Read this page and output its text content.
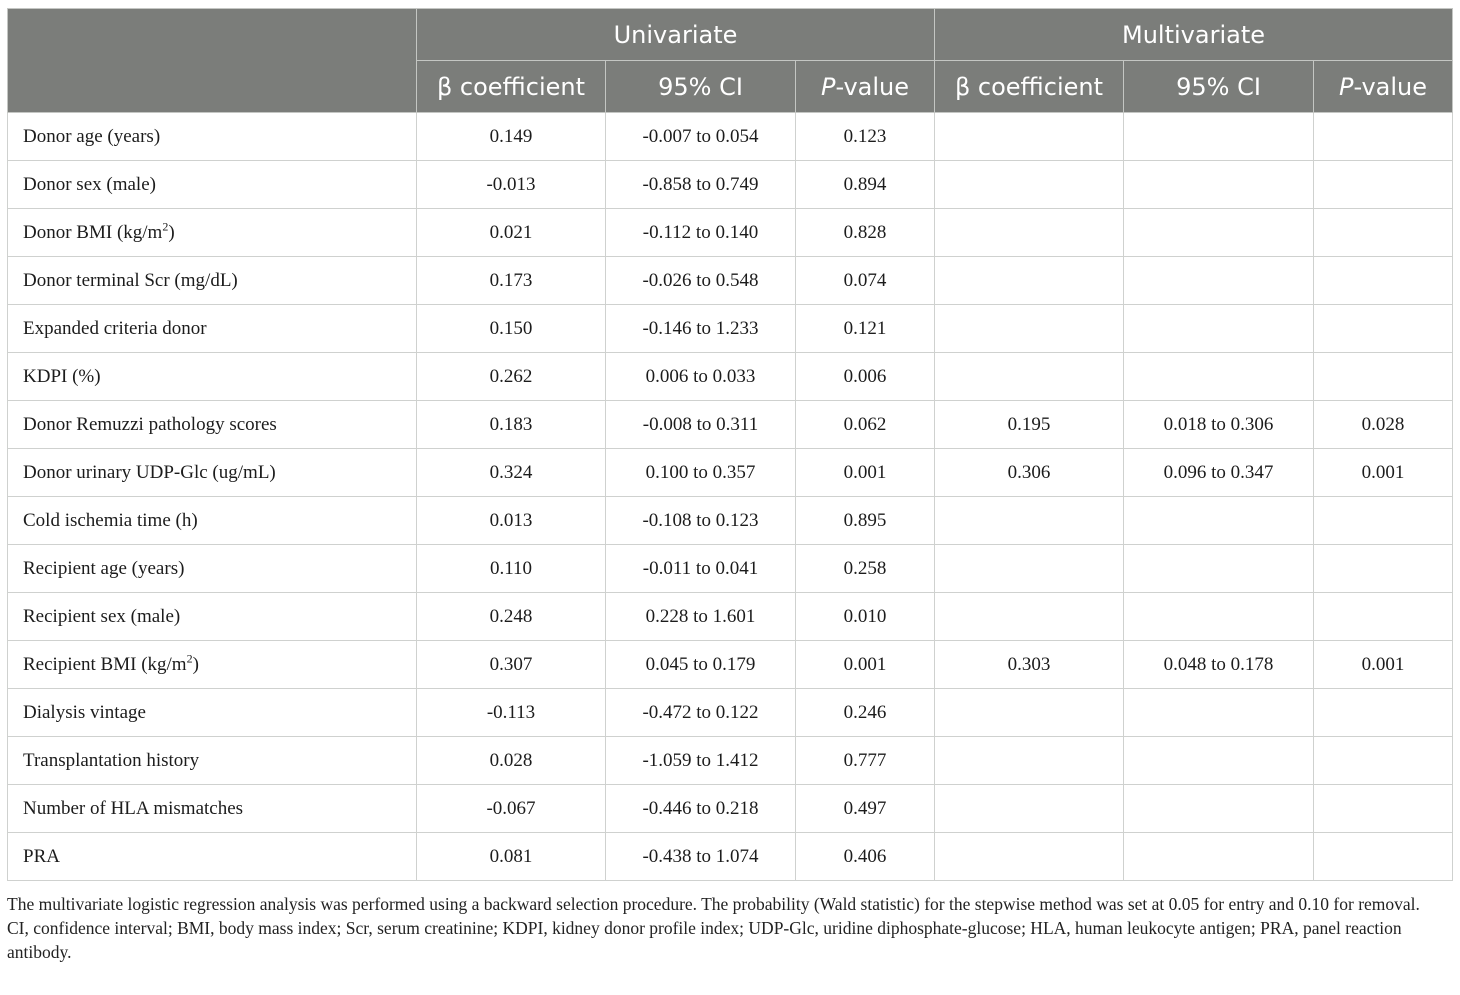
	Univariate			Multivariate		
	β coefficient	95% CI	P-value	β coefficient	95% CI	P-value
Donor age (years)	0.149	-0.007 to 0.054	0.123			
Donor sex (male)	-0.013	-0.858 to 0.749	0.894			
Donor BMI $(kg/m^2)$	0.021	-0.112 to 0.140	0.828			
Donor terminal Scr (mg/dL)	0.173	-0.026 to 0.548	0.074			
Expanded criteria donor	0.150	-0.146 to 1.233	0.121			
KDPI (%)	0.262	0.006 to 0.033	0.006			
Donor Remuzzi pathology scores	0.183	-0.008 to 0.311	0.062	0.195	0.018 to 0.306	0.028
Donor urinary UDP-Glc (ug/mL)	0.324	0.100 to 0.357	0.001	0.306	0.096 to 0.347	0.001
Cold ischemia time (h)	0.013	-0.108 to 0.123	0.895			
Recipient age (years)	0.110	-0.011 to 0.041	0.258			
Recipient sex (male)	0.248	0.228 to 1.601	0.010			
Recipient BMI $(kg/m^2)$	0.307	0.045 to 0.179	0.001	0.303	0.048 to 0.178	0.001
Dialysis vintage	-0.113	-0.472 to 0.122	0.246			
Transplantation history	0.028	-1.059 to 1.412	0.777			
Number of HLA mismatches	-0.067	-0.446 to 0.218	0.497			
PRA	0.081	-0.438 to 1.074	0.406			

The multivariate logistic regression analysis was performed using a backward selection procedure. The probability (Wald statistic) for the stepwise method was set at 0.05 for entry and 0.10 for removal.

CI, confidence interval; BMI, body mass index; Scr, serum creatinine; KDPI, kidney donor profile index; UDP-Glc, uridine diphosphate-glucose; HLA, human leukocyte antigen; PRA, panel reaction antibody.
